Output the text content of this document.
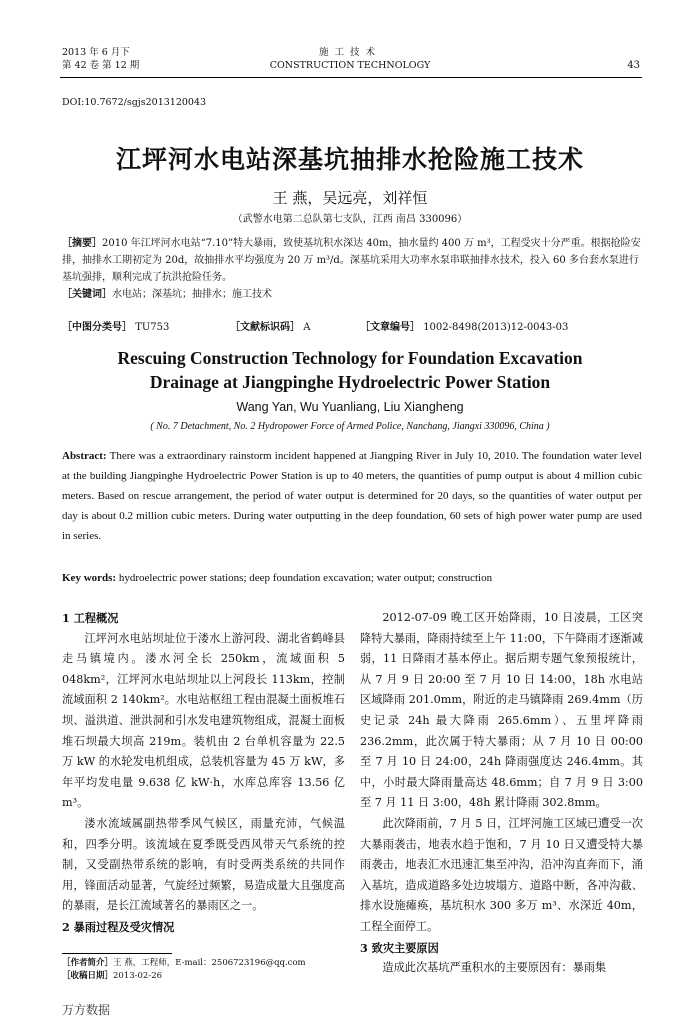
2013 年 6 月下
第 42 卷 第 12 期
施工技术
CONSTRUCTION TECHNOLOGY	43
DOI:10.7672/sgjs2013120043
江坪河水电站深基坑抽排水抢险施工技术
王 燕，吴远亮，刘祥恒
（武警水电第二总队第七支队，江西 南昌 330096）
［摘要］2010 年江坪河水电站“7.10”特大暴雨，致使基坑积水深达 40m，抽水量约 400 万 m³，工程受灾十分严重。根据抢险安排，抽排水工期初定为 20d，故抽排水平均强度为 20 万 m³/d。深基坑采用大功率水泵串联抽排水技术，投入 60 多台套水泵进行基坑强排，顺利完成了抗洪抢险任务。
［关键词］水电站；深基坑；抽排水；施工技术
［中图分类号］ TU753	［文献标识码］ A	［文章编号］ 1002-8498(2013)12-0043-03
Rescuing Construction Technology for Foundation Excavation
Drainage at Jiangpinghe Hydroelectric Power Station
Wang Yan, Wu Yuanliang, Liu Xiangheng
( No. 7 Detachment, No. 2 Hydropower Force of Armed Police, Nanchang, Jiangxi 330096, China )
Abstract: There was a extraordinary rainstorm incident happened at Jiangping River in July 10, 2010. The foundation water level at the building Jiangpinghe Hydroelectric Power Station is up to 40 meters, the quantities of pump output is about 4 million cubic meters. Based on rescue arrangement, the period of water output is determined for 20 days, so the quantities of water output per day is about 0.2 million cubic meters. During water outputting in the deep foundation, 60 sets of high power water pump are used in series.
Key words: hydroelectric power stations; deep foundation excavation; water output; construction
1 工程概况

江坪河水电站坝址位于溇水上游河段、湖北省鹤峰县走马镇境内。溇水河全长 250km，流域面积 5 048km²，江坪河水电站坝址以上河段长 113km，控制流域面积 2 140km²。水电站枢纽工程由混凝土面板堆石坝、溢洪道、泄洪洞和引水发电建筑物组成，混凝土面板堆石坝最大坝高 219m。装机由 2 台单机容量为 22.5 万 kW 的水轮发电机组成，总装机容量为 45 万 kW，多年平均发电量 9.638 亿 kW·h，水库总库容 13.56 亿 m³。

溇水流域属副热带季风气候区，雨量充沛，气候温和，四季分明。该流域在夏季既受西风带天气系统的控制，又受副热带系统的影响，有时受两类系统的共同作用，锋面活动显著，气旋经过频繁，易造成量大且强度高的暴雨，是长江流域著名的暴雨区之一。

2 暴雨过程及受灾情况

2012-07-09 晚工区开始降雨，10 日凌晨，工区突降特大暴雨，降雨持续至上午 11:00，下午降雨才逐渐减弱，11 日降雨才基本停止。据后期专题气象预报统计，从 7 月 9 日 20:00 至 7 月 10 日 14:00，18h 水电站区域降雨 201.0mm，附近的走马镇降雨 269.4mm（历史记录 24h 最大降雨 265.6mm）、五里坪降雨 236.2mm，此次属于特大暴雨；从 7 月 10 日 00:00 至 7 月 10 日 24:00，24h 降雨强度达 246.4mm。其中，小时最大降雨量高达 48.6mm；自 7 月 9 日 3:00 至 7 月 11 日 3:00，48h 累计降雨 302.8mm。

此次降雨前，7 月 5 日，江坪河施工区域已遭受一次大暴雨袭击，地表水趋于饱和，7 月 10 日又遭受特大暴雨袭击，地表汇水迅速汇集至冲沟，沿冲沟直奔而下，涌入基坑，造成道路多处边坡塌方、道路中断，各冲沟截、排水设施瘫痪，基坑积水 300 多万 m³、水深近 40m，工程全面停工。

3 致灾主要原因

造成此次基坑严重积水的主要原因有：暴雨集

［作者简介］王 燕，工程师，E-mail：2506723196@qq.com
［收稿日期］2013-02-26
万方数据
